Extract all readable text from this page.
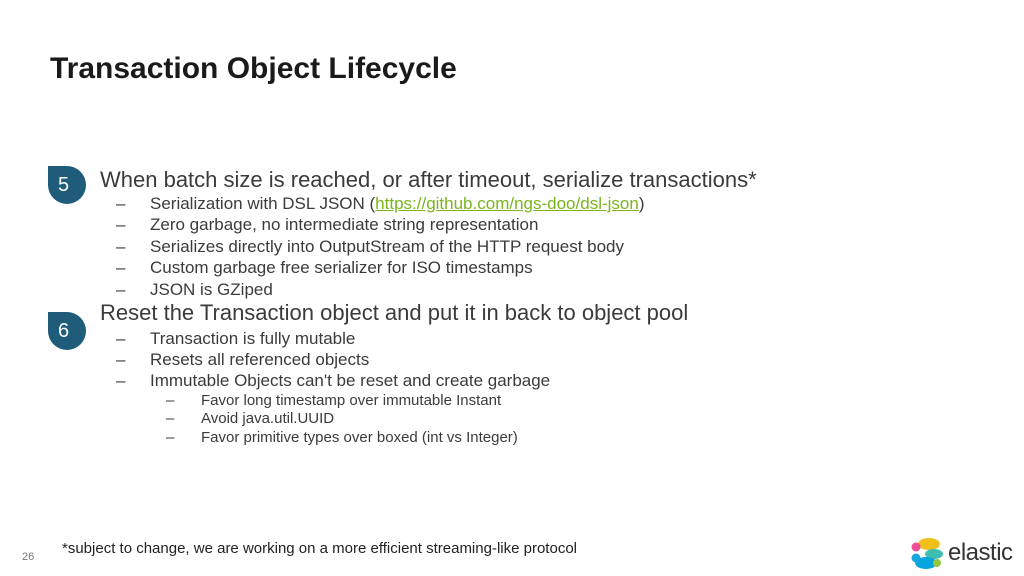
Transaction Object Lifecycle
5	When batch size is reached, or after timeout, serialize transactions*
– Serialization with DSL JSON (https://github.com/ngs-doo/dsl-json)
– Zero garbage, no intermediate string representation
– Serializes directly into OutputStream of the HTTP request body
– Custom garbage free serializer for ISO timestamps
– JSON is GZiped
6
Reset the Transaction object and put it in back to object pool
– Transaction is fully mutable
– Resets all referenced objects
– Immutable Objects can't be reset and create garbage
– Favor long timestamp over immutable Instant
– Avoid java.util.UUID
– Favor primitive types over boxed (int vs Integer)
*subject to change, we are working on a more efficient streaming-like protocol
26	elastic
